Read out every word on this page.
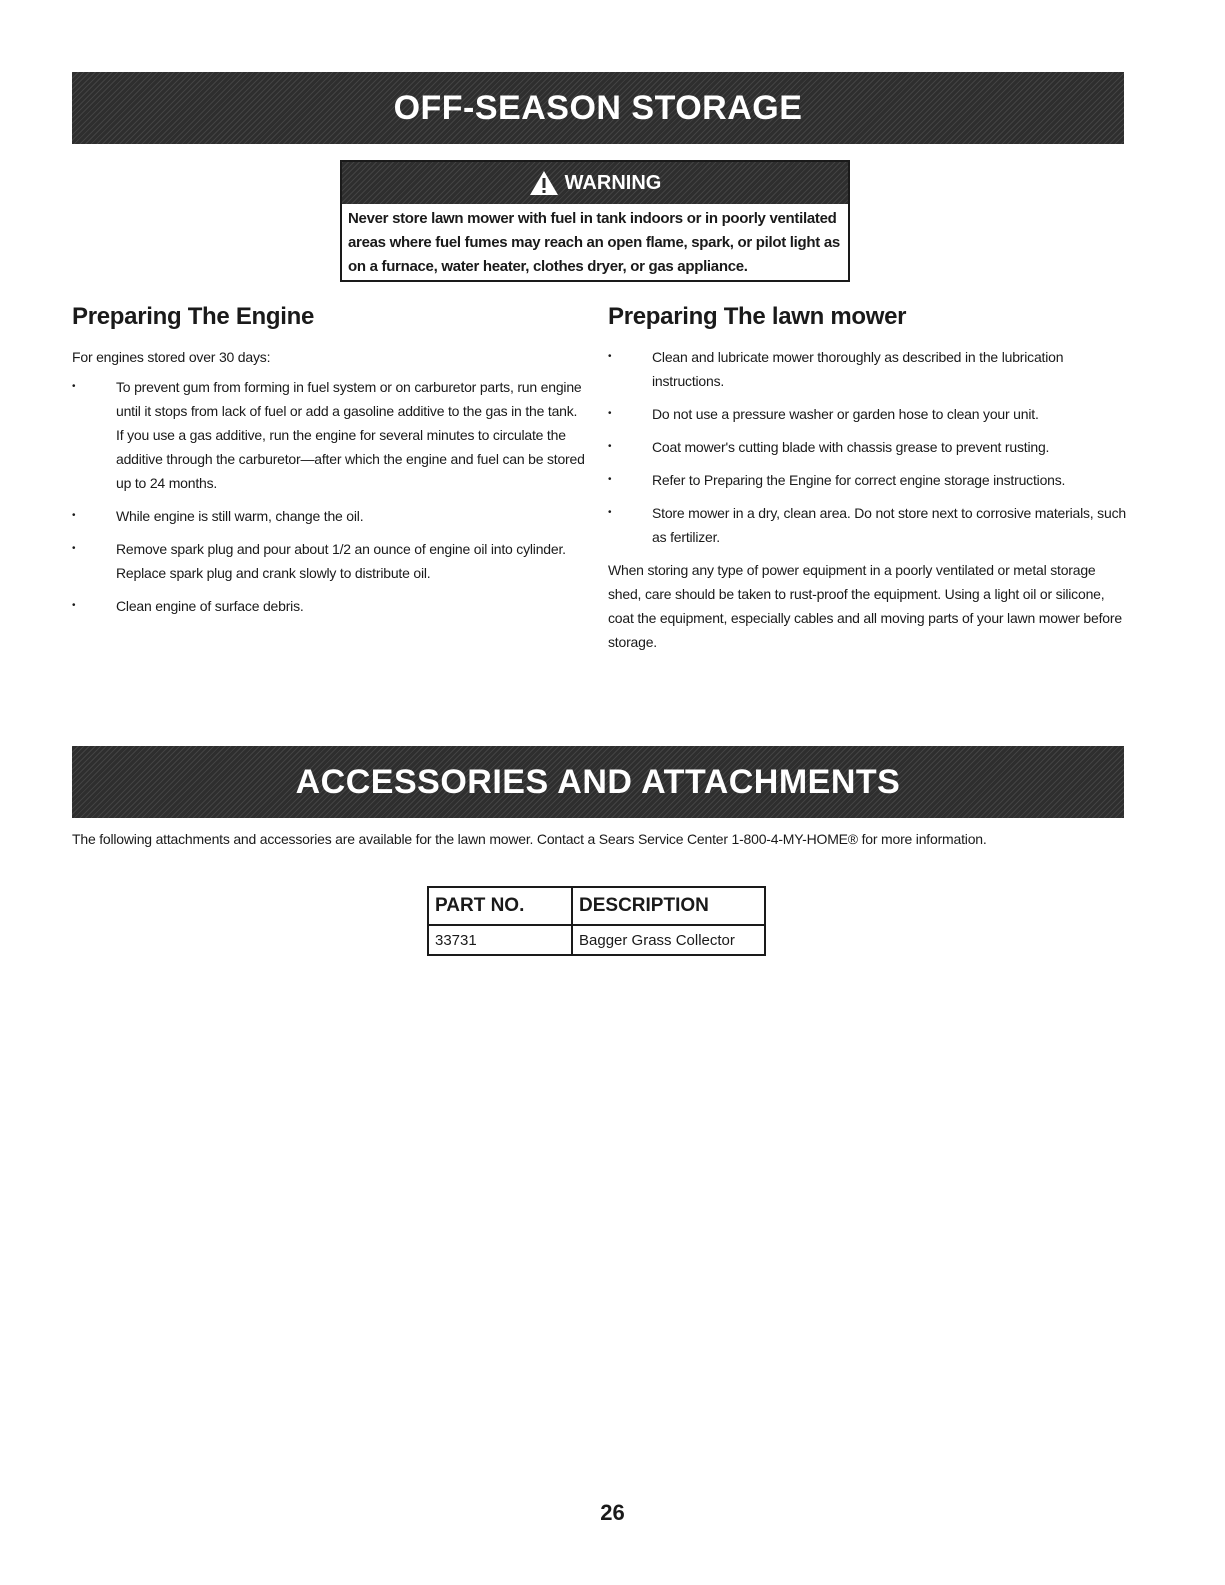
OFF-SEASON STORAGE
WARNING
Never store lawn mower with fuel in tank indoors or in poorly ventilated areas where fuel fumes may reach an open flame, spark, or pilot light as on a furnace, water heater, clothes dryer, or gas appliance.
Preparing The Engine

For engines stored over 30 days:

•	To prevent gum from forming in fuel system or on carburetor parts, run engine until it stops from lack of fuel or add a gasoline additive to the gas in the tank. If you use a gas additive, run the engine for several minutes to circulate the additive through the carburetor—after which the engine and fuel can be stored up to 24 months.
•	While engine is still warm, change the oil.
•	Remove spark plug and pour about 1/2 an ounce of engine oil into cylinder. Replace spark plug and crank slowly to distribute oil.
•	Clean engine of surface debris.
Preparing The lawn mower
•	Clean and lubricate mower thoroughly as described in the lubrication instructions.
•	Do not use a pressure washer or garden hose to clean your unit.
•	Coat mower's cutting blade with chassis grease to prevent rusting.
•	Refer to Preparing the Engine for correct engine storage instructions.
•	Store mower in a dry, clean area. Do not store next to corrosive materials, such as fertilizer.

When storing any type of power equipment in a poorly ventilated or metal storage shed, care should be taken to rust-proof the equipment. Using a light oil or silicone, coat the equipment, especially cables and all moving parts of your lawn mower before storage.

ACCESSORIES AND ATTACHMENTS
The following attachments and accessories are available for the lawn mower. Contact a Sears Service Center 1-800-4-MY-HOME® for more information.
PART NO.	DESCRIPTION
33731	Bagger Grass Collector
26
